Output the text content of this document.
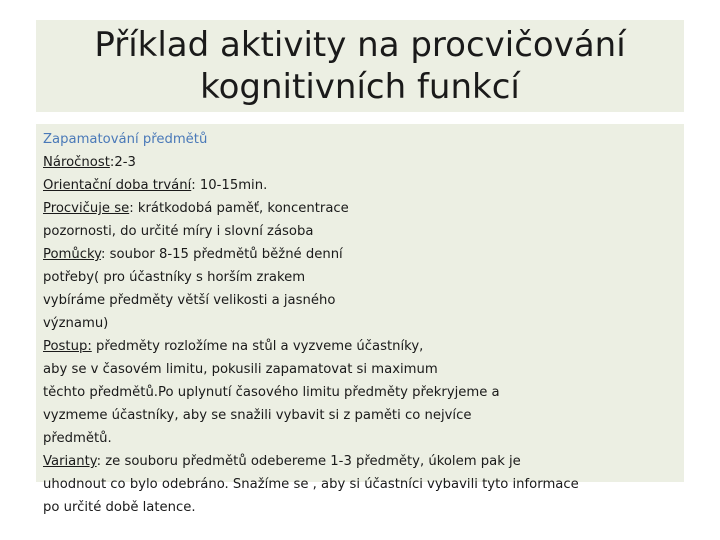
Příklad aktivity na procvičování
kognitivních funkcí
Zapamatování předmětů
Náročnost:2-3
Orientační doba trvání: 10-15min.
Procvičuje se: krátkodobá paměť, koncentrace
pozornosti, do určité míry i slovní zásoba
Pomůcky: soubor 8-15 předmětů běžné denní
potřeby( pro účastníky s horším zrakem
vybíráme předměty větší velikosti a jasného
významu)
Postup: předměty rozložíme na stůl a vyzveme účastníky,
aby se v časovém limitu, pokusili zapamatovat si maximum
těchto předmětů.Po uplynutí časového limitu předměty překryjeme a
vyzmeme účastníky, aby se snažili vybavit si z paměti co nejvíce
předmětů.
Varianty: ze souboru předmětů odebereme 1-3 předměty, úkolem pak je
uhodnout co bylo odebráno. Snažíme se , aby si účastníci vybavili tyto informace
po určité době latence.
